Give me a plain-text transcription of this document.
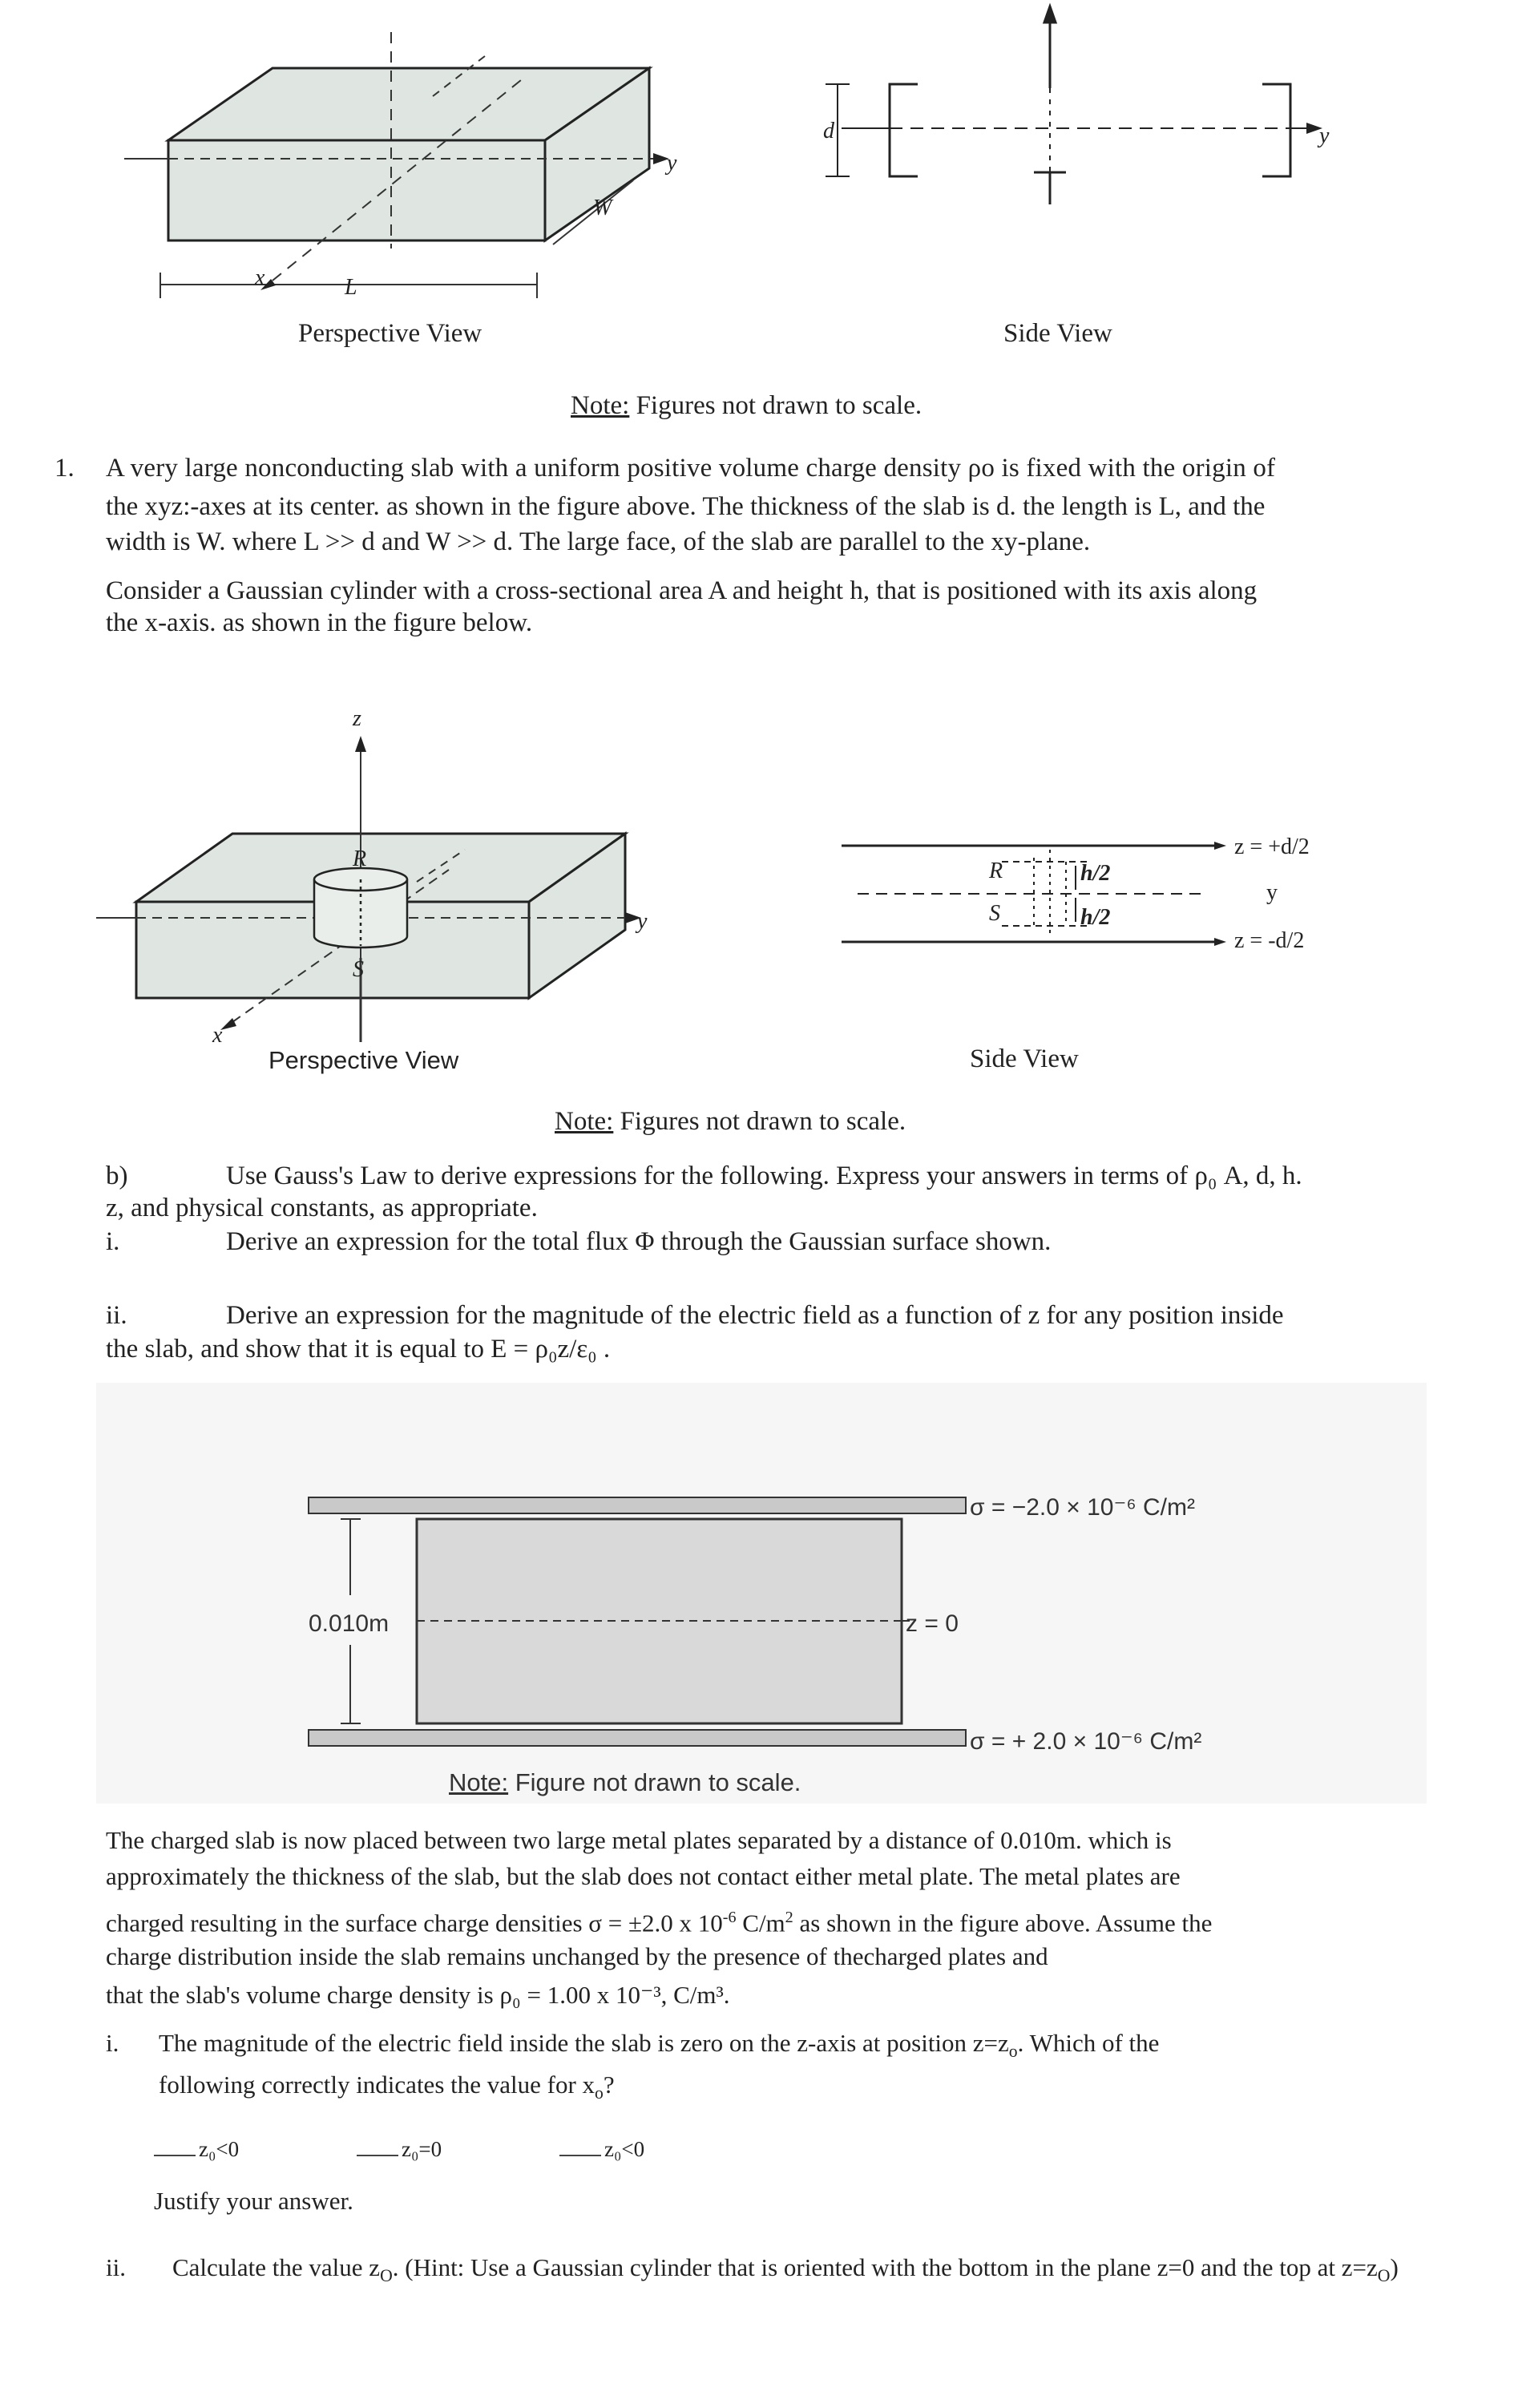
y
x	L
W
d	y
Perspective View	Side View
Note: Figures not drawn to scale.
1. A very large nonconducting slab with a uniform positive volume charge density ρo is fixed with the origin of
the xyz:-axes at its center. as shown in the figure above. The thickness of the slab is d. the length is L, and the
width is W. where L >> d and W >> d. The large face, of the slab are parallel to the xy-plane.
Consider a Gaussian cylinder with a cross-sectional area A and height h, that is positioned with its axis along
the x-axis. as shown in the figure below.
R
S
z
x
y
R
S
h/2
h/2
z = +d/2
y
z = -d/2
Perspective View	Side View
Note: Figures not drawn to scale.
b)	Use Gauss's Law to derive expressions for the following. Express your answers in terms of ρ₀ A, d, h.
z, and physical constants, as appropriate.
i.	Derive an expression for the total flux Φ through the Gaussian surface shown.
ii.	Derive an expression for the magnitude of the electric field as a function of z for any position inside
the slab, and show that it is equal to E = ρ₀z/ε₀ .
σ = −2.0 × 10⁻⁶ C/m²
σ = + 2.0 × 10⁻⁶ C/m²
0.010m	z = 0
Note: Figure not drawn to scale.
The charged slab is now placed between two large metal plates separated by a distance of 0.010m. which is
approximately the thickness of the slab, but the slab does not contact either metal plate. The metal plates are
charged resulting in the surface charge densities σ = ±2.0 x $10^{-6}$ $C/m^2$ as shown in the figure above. Assume the
charge distribution inside the slab remains unchanged by the presence of thecharged plates and
that the slab's volume charge density is ρ₀ = 1.00 x 10⁻³, C/m³.
i. The magnitude of the electric field inside the slab is zero on the z-axis at position $z=z_o$. Which of the
following correctly indicates the value for $x_o$?
z₀<0	z₀=0	z₀<0
Justify your answer.
ii. Calculate the value $z_O$. (Hint: Use a Gaussian cylinder that is oriented with the bottom in the plane z=0 and the top at $z=z_O$)
